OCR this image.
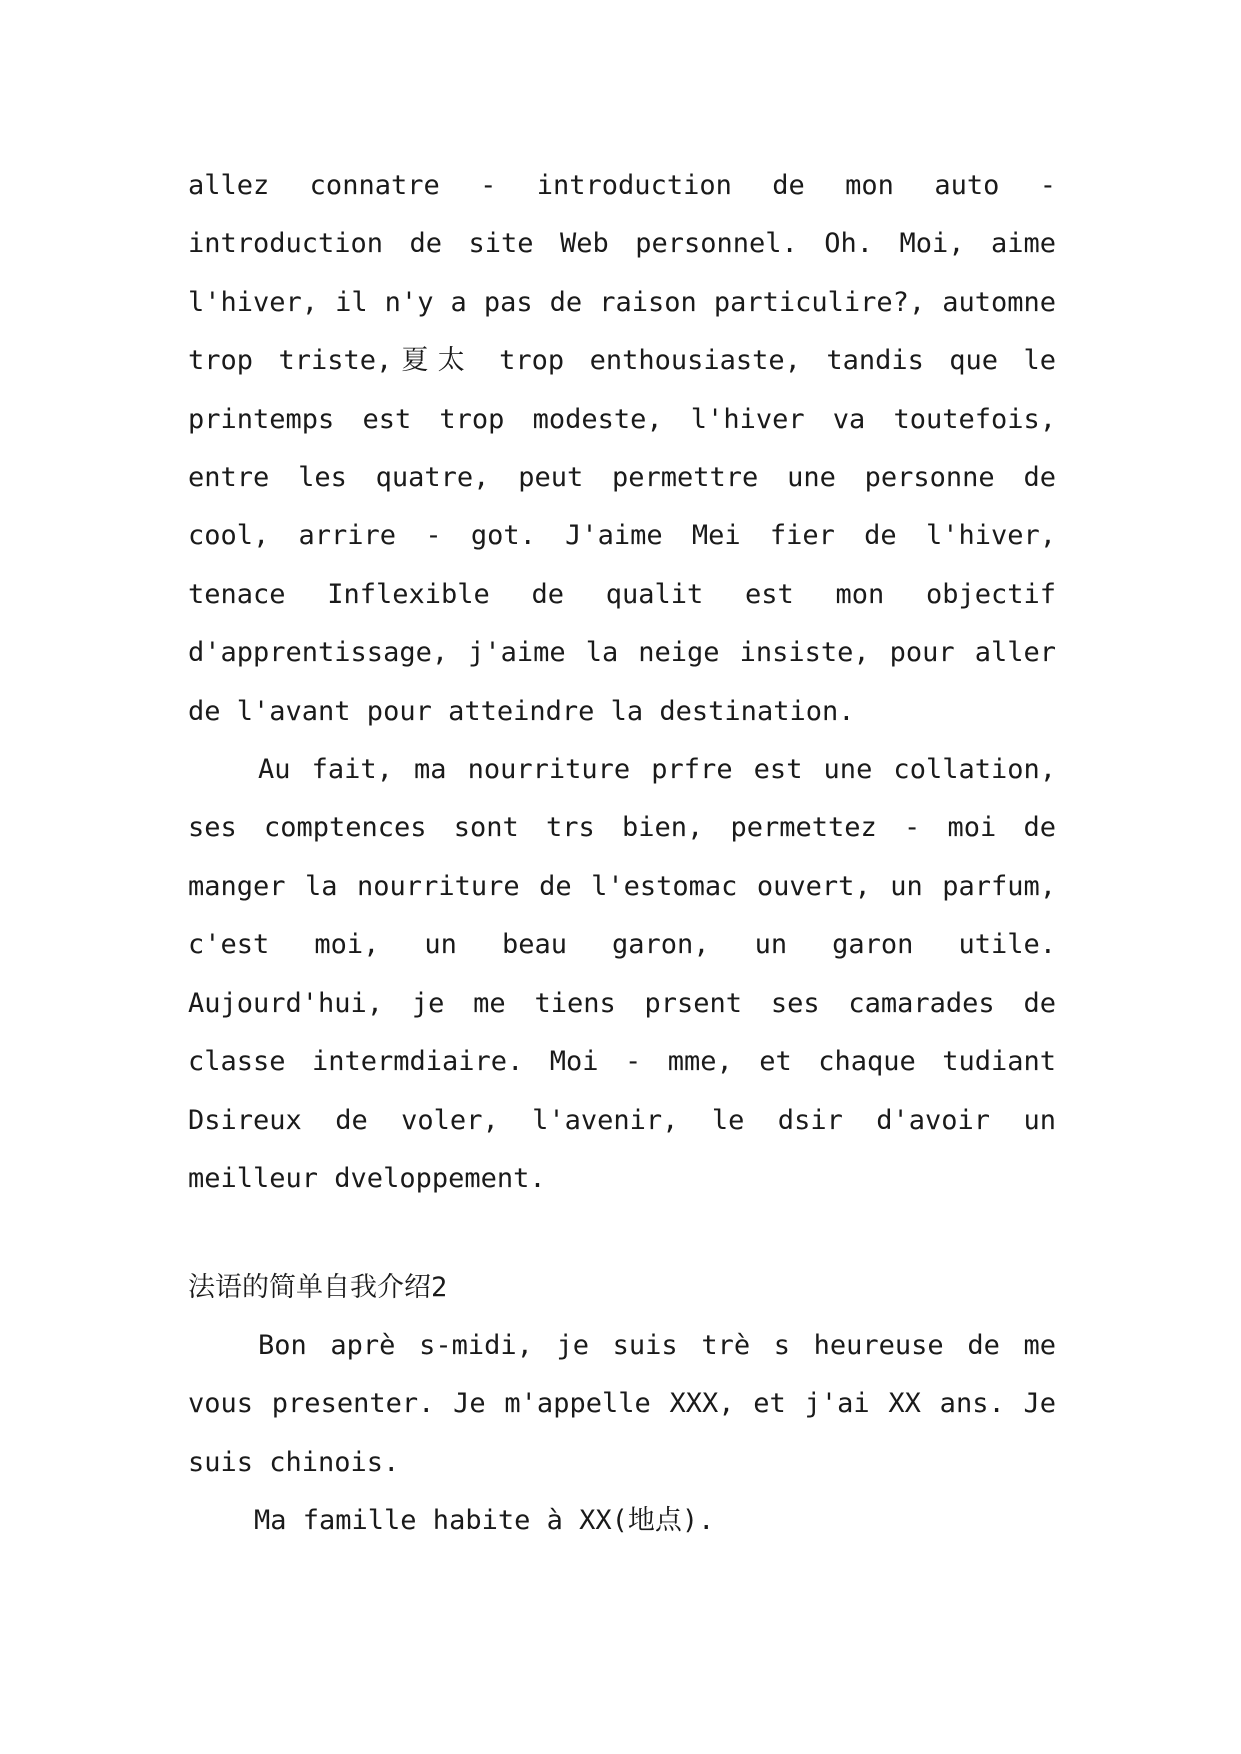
allez connatre - introduction de mon auto - introduction de site Web personnel. Oh. Moi, aime l'hiver, il n'y a pas de raison particulire?, automne trop triste,夏太 trop enthousiaste, tandis que le printemps est trop modeste, l'hiver va toutefois, entre les quatre, peut permettre une personne de cool, arrire - got. J'aime Mei fier de l'hiver, tenace Inflexible de qualit est mon objectif d'apprentissage, j'aime la neige insiste, pour aller de l'avant pour atteindre la destination.

Au fait, ma nourriture prfre est une collation, ses comptences sont trs bien, permettez - moi de manger la nourriture de l'estomac ouvert, un parfum, c'est moi, un beau garon, un garon utile. Aujourd'hui, je me tiens prsent ses camarades de classe intermdiaire. Moi - mme, et chaque tudiant Dsireux de voler, l'avenir, le dsir d'avoir un meilleur dveloppement.

法语的简单自我介绍2

Bon aprè s-midi, je suis trè s heureuse de me vous presenter. Je m'appelle XXX, et j'ai XX ans. Je suis chinois.

Ma famille habite à XX(地点).
